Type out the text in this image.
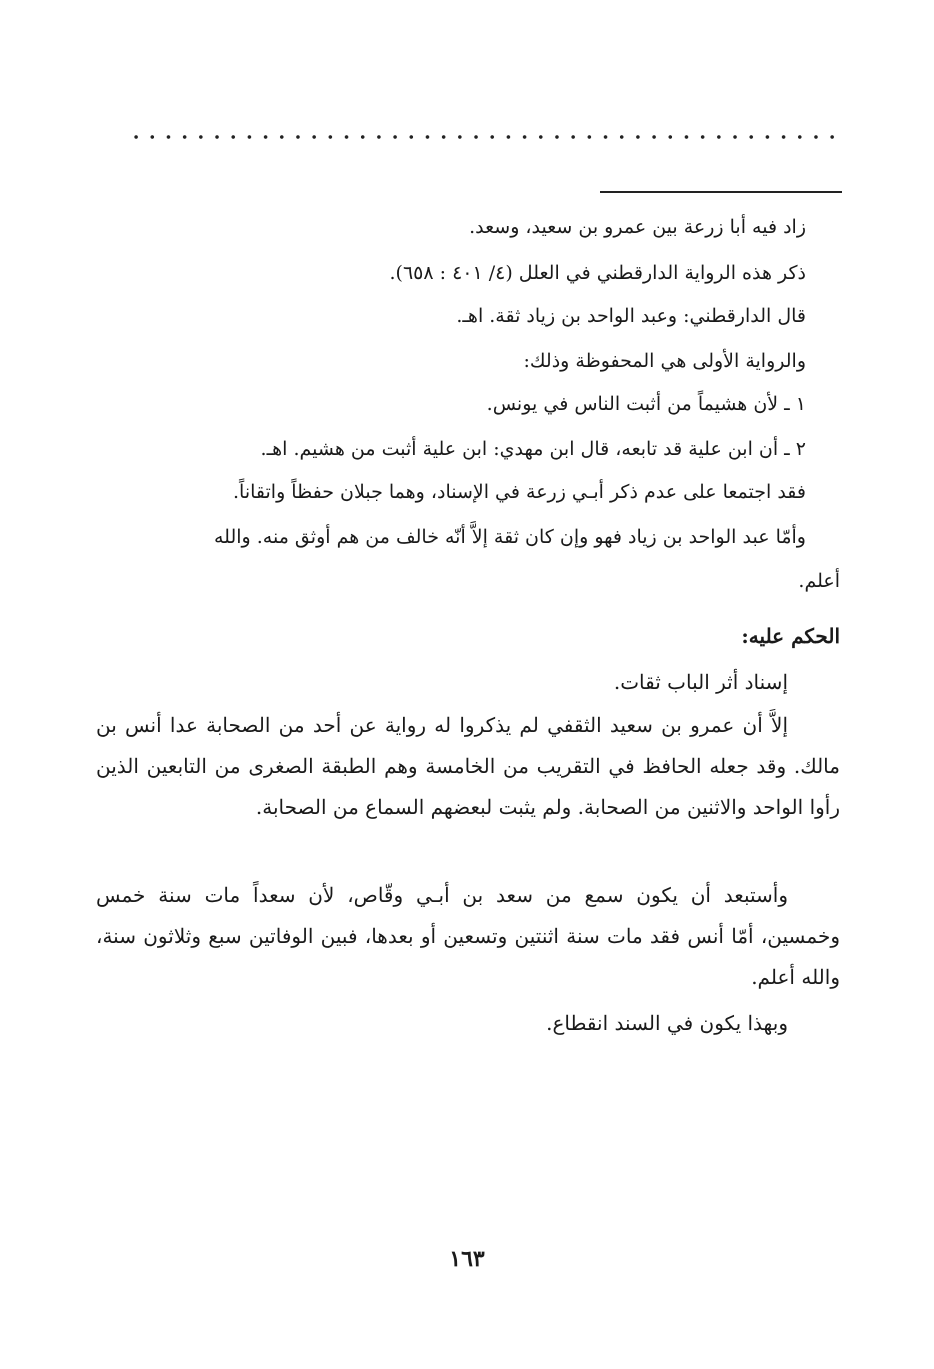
زاد فيه أبا زرعة بين عمرو بن سعيد، وسعد.
ذكر هذه الرواية الدارقطني في العلل (٤/ ٤٠١ : ٦٥٨).
قال الدارقطني: وعبد الواحد بن زياد ثقة. اهـ.
والرواية الأولى هي المحفوظة وذلك:
١ ـ لأن هشيماً من أثبت الناس في يونس.
٢ ـ أن ابن علية قد تابعه، قال ابن مهدي: ابن علية أثبت من هشيم. اهـ.
فقد اجتمعا على عدم ذكر أبـي زرعة في الإسناد، وهما جبلان حفظاً واتقاناً.
وأمّا عبد الواحد بن زياد فهو وإن كان ثقة إلاَّ أنّه خالف من هم أوثق منه. والله
أعلم.
الحكم عليه:
إسناد أثر الباب ثقات.
إلاَّ أن عمرو بن سعيد الثقفي لم يذكروا له رواية عن أحد من الصحابة عدا أنس بن مالك. وقد جعله الحافظ في التقريب من الخامسة وهم الطبقة الصغرى من التابعين الذين رأوا الواحد والاثنين من الصحابة. ولم يثبت لبعضهم السماع من الصحابة.
وأستبعد أن يكون سمع من سعد بن أبـي وقّاص، لأن سعداً مات سنة خمس وخمسين، أمّا أنس فقد مات سنة اثنتين وتسعين أو بعدها، فبين الوفاتين سبع وثلاثون سنة، والله أعلم.
وبهذا يكون في السند انقطاع.
١٦٣
